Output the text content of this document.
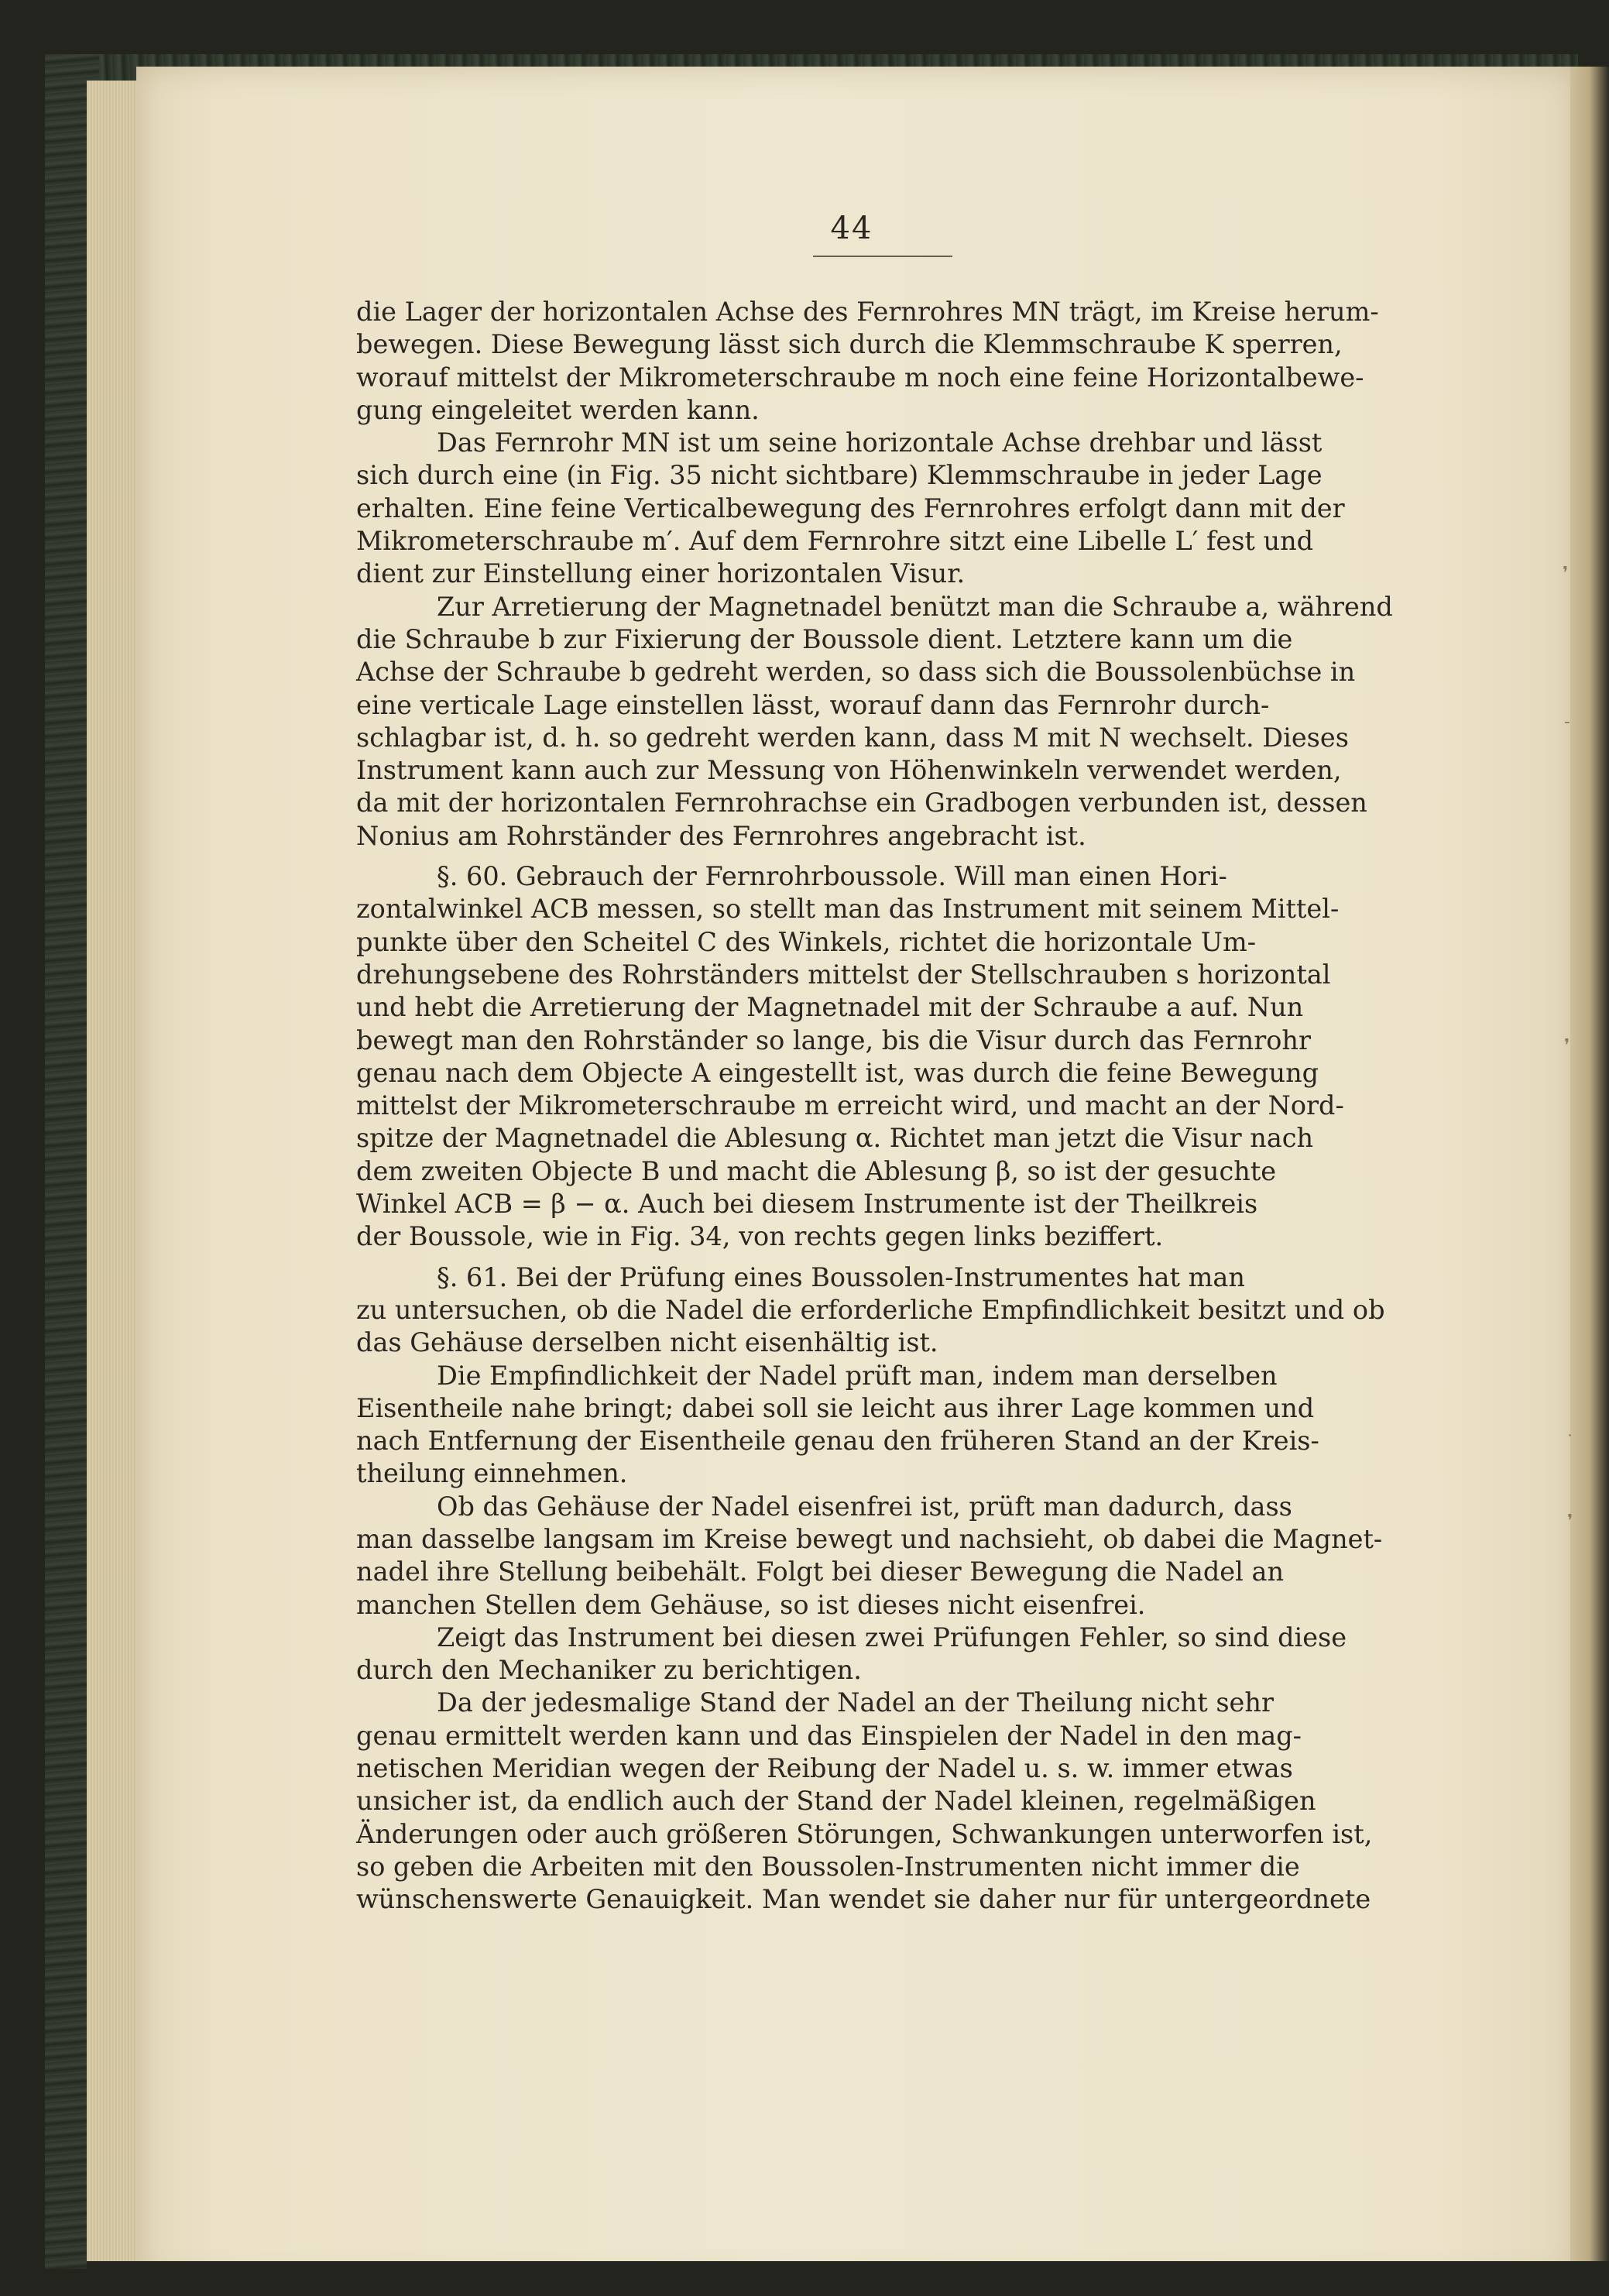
44
die Lager der horizontalen Achse des Fernrohres MN trägt, im Kreise herum-
bewegen. Diese Bewegung lässt sich durch die Klemmschraube K sperren,
worauf mittelst der Mikrometerschraube m noch eine feine Horizontalbewe-
gung eingeleitet werden kann.
Das Fernrohr MN ist um seine horizontale Achse drehbar und lässt
sich durch eine (in Fig. 35 nicht sichtbare) Klemmschraube in jeder Lage
erhalten. Eine feine Verticalbewegung des Fernrohres erfolgt dann mit der
Mikrometerschraube m′. Auf dem Fernrohre sitzt eine Libelle L′ fest und
dient zur Einstellung einer horizontalen Visur.
Zur Arretierung der Magnetnadel benützt man die Schraube a, während
die Schraube b zur Fixierung der Boussole dient. Letztere kann um die
Achse der Schraube b gedreht werden, so dass sich die Boussolenbüchse in
eine verticale Lage einstellen lässt, worauf dann das Fernrohr durch-
schlagbar ist, d. h. so gedreht werden kann, dass M mit N wechselt. Dieses
Instrument kann auch zur Messung von Höhenwinkeln verwendet werden,
da mit der horizontalen Fernrohrachse ein Gradbogen verbunden ist, dessen
Nonius am Rohrständer des Fernrohres angebracht ist.
§. 60. Gebrauch der Fernrohrboussole. Will man einen Hori-
zontalwinkel ACB messen, so stellt man das Instrument mit seinem Mittel-
punkte über den Scheitel C des Winkels, richtet die horizontale Um-
drehungsebene des Rohrständers mittelst der Stellschrauben s horizontal
und hebt die Arretierung der Magnetnadel mit der Schraube a auf. Nun
bewegt man den Rohrständer so lange, bis die Visur durch das Fernrohr
genau nach dem Objecte A eingestellt ist, was durch die feine Bewegung
mittelst der Mikrometerschraube m erreicht wird, und macht an der Nord-
spitze der Magnetnadel die Ablesung α. Richtet man jetzt die Visur nach
dem zweiten Objecte B und macht die Ablesung β, so ist der gesuchte
Winkel ACB = β − α. Auch bei diesem Instrumente ist der Theilkreis
der Boussole, wie in Fig. 34, von rechts gegen links beziffert.
§. 61. Bei der Prüfung eines Boussolen-Instrumentes hat man
zu untersuchen, ob die Nadel die erforderliche Empfindlichkeit besitzt und ob
das Gehäuse derselben nicht eisenhältig ist.
Die Empfindlichkeit der Nadel prüft man, indem man derselben
Eisentheile nahe bringt; dabei soll sie leicht aus ihrer Lage kommen und
nach Entfernung der Eisentheile genau den früheren Stand an der Kreis-
theilung einnehmen.
Ob das Gehäuse der Nadel eisenfrei ist, prüft man dadurch, dass
man dasselbe langsam im Kreise bewegt und nachsieht, ob dabei die Magnet-
nadel ihre Stellung beibehält. Folgt bei dieser Bewegung die Nadel an
manchen Stellen dem Gehäuse, so ist dieses nicht eisenfrei.
Zeigt das Instrument bei diesen zwei Prüfungen Fehler, so sind diese
durch den Mechaniker zu berichtigen.
Da der jedesmalige Stand der Nadel an der Theilung nicht sehr
genau ermittelt werden kann und das Einspielen der Nadel in den mag-
netischen Meridian wegen der Reibung der Nadel u. s. w. immer etwas
unsicher ist, da endlich auch der Stand der Nadel kleinen, regelmäßigen
Änderungen oder auch größeren Störungen, Schwankungen unterworfen ist,
so geben die Arbeiten mit den Boussolen-Instrumenten nicht immer die
wünschenswerte Genauigkeit. Man wendet sie daher nur für untergeordnete
❜
-
❜
˙
❜
